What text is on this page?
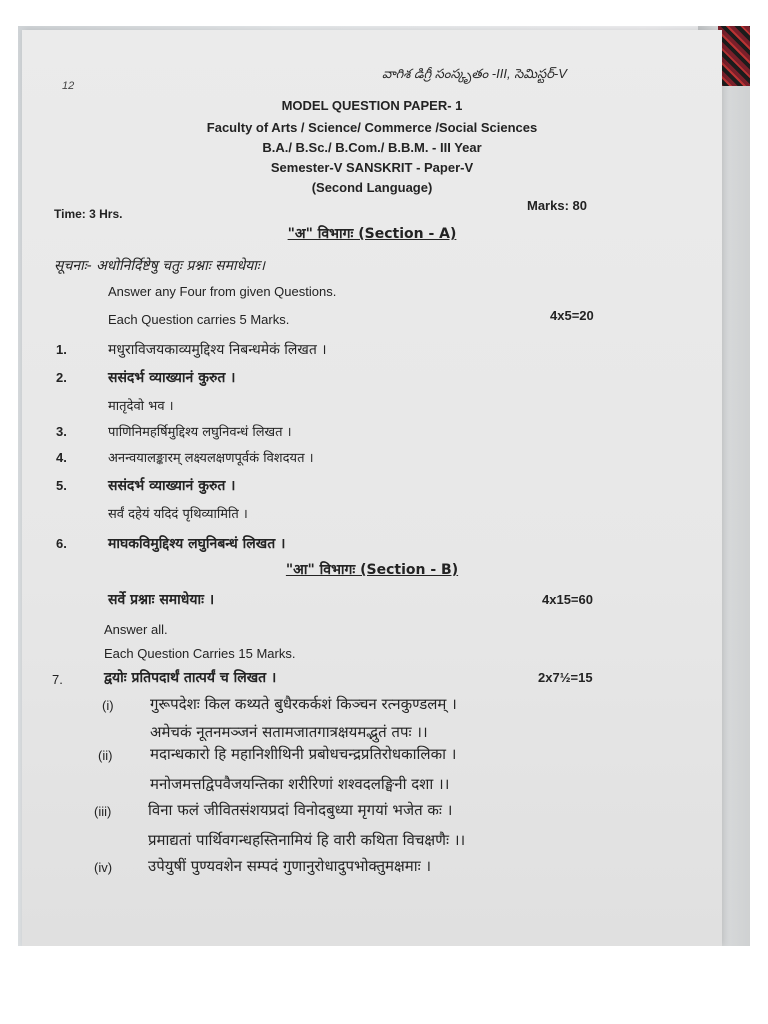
12
వాగిశ డిగ్రీ సంస్కృతం -III, సెమిస్టర్-V
MODEL QUESTION PAPER- 1
Faculty of Arts / Science/ Commerce /Social Sciences
B.A./ B.Sc./ B.Com./ B.B.M. - III Year
Semester-V SANSKRIT - Paper-V
(Second Language)
Time: 3 Hrs.
Marks: 80
"अ" विभागः (Section - A)
सूचनाः- अधोनिर्दिष्टेषु चतुः प्रश्नाः समाधेयाः।
Answer any Four from given Questions.
Each Question carries 5 Marks.	4x5=20
1.	मधुराविजयकाव्यमुद्दिश्य निबन्धमेकं लिखत ।
2.	ससंदर्भ व्याख्यानं कुरुत ।
मातृदेवो भव ।
3.	पाणिनिमहर्षिमुद्दिश्य लघुनिवन्धं लिखत ।
4.	अनन्वयालङ्कारम् लक्ष्यलक्षणपूर्वकं विशदयत ।
5.	ससंदर्भ व्याख्यानं कुरुत ।
सर्वं दहेयं यदिदं पृथिव्यामिति ।
6.	माघकविमुद्दिश्य लघुनिबन्धं लिखत ।
"आ" विभागः (Section - B)
सर्वे प्रश्नाः समाधेयाः ।	4x15=60
Answer all.
Each Question Carries 15 Marks.
7.	द्वयोः प्रतिपदार्थं तात्पर्यं च लिखत ।	2x7½=15
(i) गुरूपदेशः किल कथ्यते बुधैरकर्कशं किञ्चन रत्नकुण्डलम् ।
अमेचकं नूतनमञ्जनं सतामजातगात्रक्षयमद्भुतं तपः ।।
(ii)	मदान्धकारो हि महानिशीथिनी प्रबोधचन्द्रप्रतिरोधकालिका ।
मनोजमत्तद्विपवैजयन्तिका शरीरिणां शश्वदलङ्घिनी दशा ।।
(iii) विना फलं जीवितसंशयप्रदां विनोदबुध्या मृगयां भजेत कः ।
प्रमाद्यतां पार्थिवगन्धहस्तिनामियं हि वारी कथिता विचक्षणैः ।।
(iv) उपेयुषीं पुण्यवशेन सम्पदं गुणानुरोधादुपभोक्तुमक्षमाः ।
